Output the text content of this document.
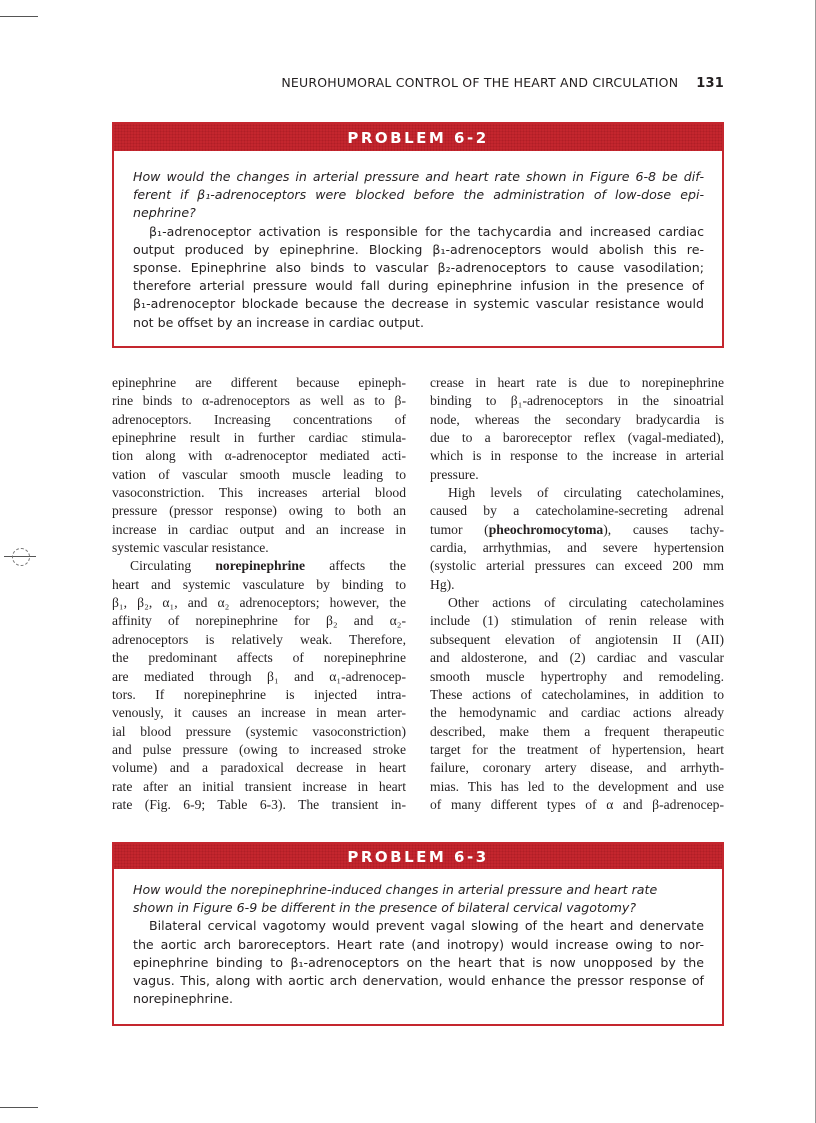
NEUROHUMORAL CONTROL OF THE HEART AND CIRCULATION 131
PROBLEM 6-2
How would the changes in arterial pressure and heart rate shown in Figure 6-8 be dif-
ferent if β₁-adrenoceptors were blocked before the administration of low-dose epi-
nephrine?
β₁-adrenoceptor activation is responsible for the tachycardia and increased cardiac
output produced by epinephrine. Blocking β₁-adrenoceptors would abolish this re-
sponse. Epinephrine also binds to vascular β₂-adrenoceptors to cause vasodilation;
therefore arterial pressure would fall during epinephrine infusion in the presence of
β₁-adrenoceptor blockade because the decrease in systemic vascular resistance would
not be offset by an increase in cardiac output.
epinephrine are different because epineph-
rine binds to α-adrenoceptors as well as to β-
adrenoceptors. Increasing concentrations of
epinephrine result in further cardiac stimula-
tion along with α-adrenoceptor mediated acti-
vation of vascular smooth muscle leading to
vasoconstriction. This increases arterial blood
pressure (pressor response) owing to both an
increase in cardiac output and an increase in
systemic vascular resistance.
Circulating norepinephrine affects the
heart and systemic vasculature by binding to
β₁, β₂, α₁, and α₂ adrenoceptors; however, the
affinity of norepinephrine for β₂ and α₂-
adrenoceptors is relatively weak. Therefore,
the predominant affects of norepinephrine
are mediated through β₁ and α₁-adrenocep-
tors. If norepinephrine is injected intra-
venously, it causes an increase in mean arter-
ial blood pressure (systemic vasoconstriction)
and pulse pressure (owing to increased stroke
volume) and a paradoxical decrease in heart
rate after an initial transient increase in heart
rate (Fig. 6-9; Table 6-3). The transient in-
crease in heart rate is due to norepinephrine
binding to β₁-adrenoceptors in the sinoatrial
node, whereas the secondary bradycardia is
due to a baroreceptor reflex (vagal-mediated),
which is in response to the increase in arterial
pressure.
High levels of circulating catecholamines,
caused by a catecholamine-secreting adrenal
tumor (pheochromocytoma), causes tachy-
cardia, arrhythmias, and severe hypertension
(systolic arterial pressures can exceed 200 mm
Hg).
Other actions of circulating catecholamines
include (1) stimulation of renin release with
subsequent elevation of angiotensin II (AII)
and aldosterone, and (2) cardiac and vascular
smooth muscle hypertrophy and remodeling.
These actions of catecholamines, in addition to
the hemodynamic and cardiac actions already
described, make them a frequent therapeutic
target for the treatment of hypertension, heart
failure, coronary artery disease, and arrhyth-
mias. This has led to the development and use
of many different types of α and β-adrenocep-
PROBLEM 6-3
How would the norepinephrine-induced changes in arterial pressure and heart rate
shown in Figure 6-9 be different in the presence of bilateral cervical vagotomy?
Bilateral cervical vagotomy would prevent vagal slowing of the heart and denervate
the aortic arch baroreceptors. Heart rate (and inotropy) would increase owing to nor-
epinephrine binding to β₁-adrenoceptors on the heart that is now unopposed by the
vagus. This, along with aortic arch denervation, would enhance the pressor response of
norepinephrine.
